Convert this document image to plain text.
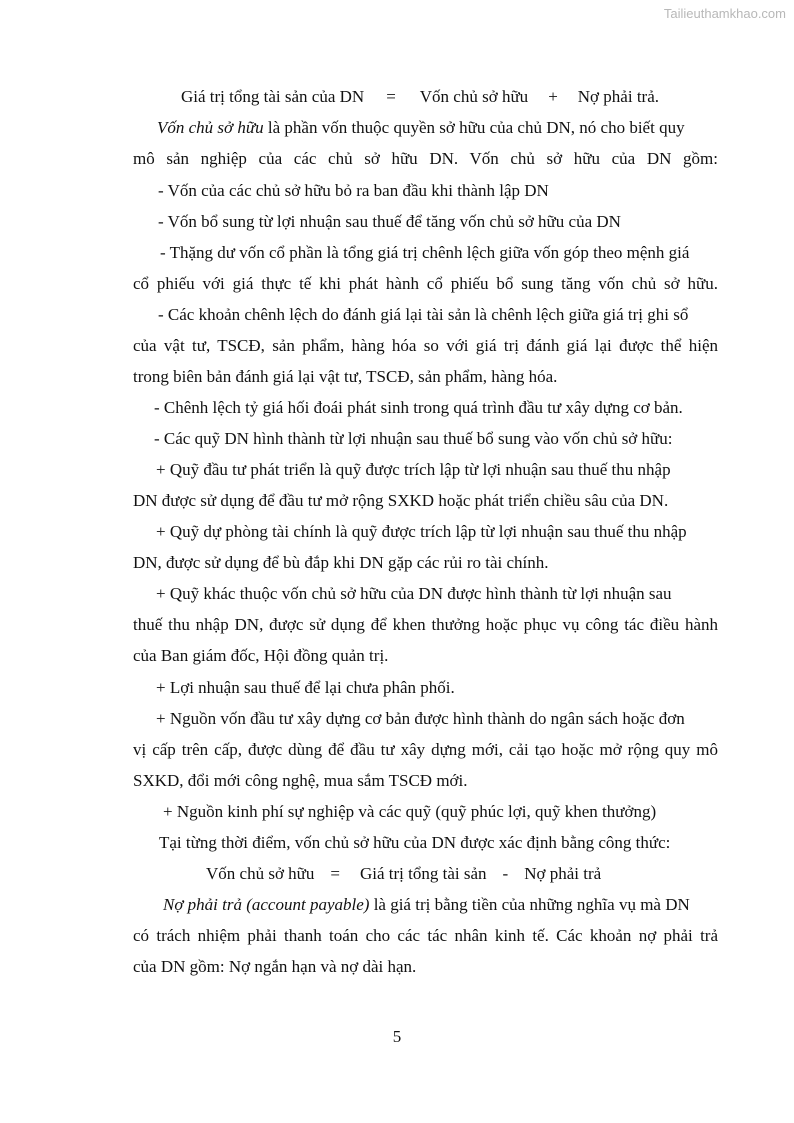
Tailieuthamkhao.com
Giá trị tổng tài sản của DN = Vốn chủ sở hữu + Nợ phải trả.
Vốn chủ sở hữu là phần vốn thuộc quyền sở hữu của chủ DN, nó cho biết quy
mô sản nghiệp của các chủ sở hữu DN. Vốn chủ sở hữu của DN gồm:
- Vốn của các chủ sở hữu bỏ ra ban đầu khi thành lập DN
- Vốn bổ sung từ lợi nhuận sau thuế để tăng vốn chủ sở hữu của DN
- Thặng dư vốn cổ phần là tổng giá trị chênh lệch giữa vốn góp theo mệnh giá
cổ phiếu với giá thực tế khi phát hành cổ phiếu bổ sung tăng vốn chủ sở hữu.
- Các khoản chênh lệch do đánh giá lại tài sản là chênh lệch giữa giá trị ghi sổ
của vật tư, TSCĐ, sản phẩm, hàng hóa so với giá trị đánh giá lại được thể hiện
trong biên bản đánh giá lại vật tư, TSCĐ, sản phẩm, hàng hóa.
- Chênh lệch tỷ giá hối đoái phát sinh trong quá trình đầu tư xây dựng cơ bản.
- Các quỹ DN hình thành từ lợi nhuận sau thuế bổ sung vào vốn chủ sở hữu:
+ Quỹ đầu tư phát triển là quỹ được trích lập từ lợi nhuận sau thuế thu nhập
DN được sử dụng để đầu tư mở rộng SXKD hoặc phát triển chiều sâu của DN.
+ Quỹ dự phòng tài chính là quỹ được trích lập từ lợi nhuận sau thuế thu nhập
DN, được sử dụng để bù đắp khi DN gặp các rủi ro tài chính.
+ Quỹ khác thuộc vốn chủ sở hữu của DN được hình thành từ lợi nhuận sau
thuế thu nhập DN, được sử dụng để khen thưởng hoặc phục vụ công tác điều hành
của Ban giám đốc, Hội đồng quản trị.
+ Lợi nhuận sau thuế để lại chưa phân phối.
+ Nguồn vốn đầu tư xây dựng cơ bản được hình thành do ngân sách hoặc đơn
vị cấp trên cấp, được dùng để đầu tư xây dựng mới, cải tạo hoặc mở rộng quy mô
SXKD, đổi mới công nghệ, mua sắm TSCĐ mới.
+ Nguồn kinh phí sự nghiệp và các quỹ (quỹ phúc lợi, quỹ khen thưởng)
Tại từng thời điểm, vốn chủ sở hữu của DN được xác định bằng công thức:
Vốn chủ sở hữu = Giá trị tổng tài sản - Nợ phải trả
Nợ phải trả (account payable) là giá trị bằng tiền của những nghĩa vụ mà DN
có trách nhiệm phải thanh toán cho các tác nhân kinh tế. Các khoản nợ phải trả
của DN gồm: Nợ ngắn hạn và nợ dài hạn.
5
